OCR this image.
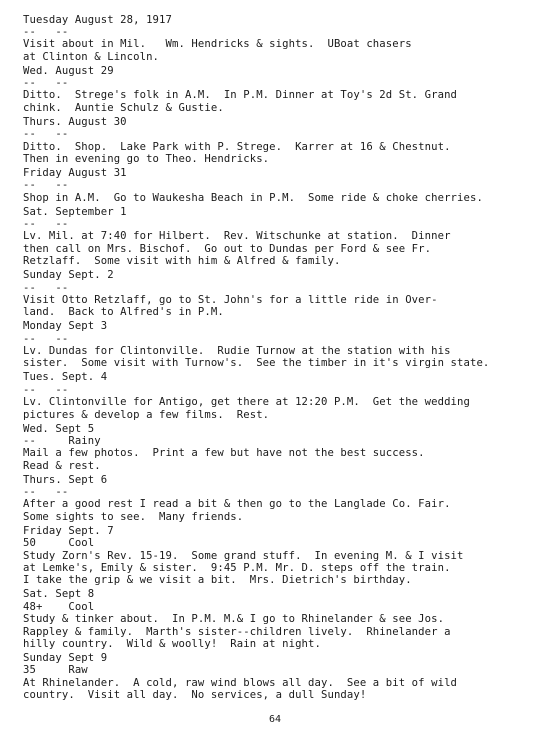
Tuesday August 28, 1917
--   --
Visit about in Mil.   Wm. Hendricks & sights.  UBoat chasers
at Clinton & Lincoln.
Wed. August 29
--   --
Ditto.  Strege's folk in A.M.  In P.M. Dinner at Toy's 2d St. Grand
chink.  Auntie Schulz & Gustie.
Thurs. August 30
--   --
Ditto.  Shop.  Lake Park with P. Strege.  Karrer at 16 & Chestnut.
Then in evening go to Theo. Hendricks.
Friday August 31
--   --
Shop in A.M.  Go to Waukesha Beach in P.M.  Some ride & choke cherries.
Sat. September 1
--   --
Lv. Mil. at 7:40 for Hilbert.  Rev. Witschunke at station.  Dinner
then call on Mrs. Bischof.  Go out to Dundas per Ford & see Fr.
Retzlaff.  Some visit with him & Alfred & family.
Sunday Sept. 2
--   --
Visit Otto Retzlaff, go to St. John's for a little ride in Over-
land.  Back to Alfred's in P.M.
Monday Sept 3
--   --
Lv. Dundas for Clintonville.  Rudie Turnow at the station with his
sister.  Some visit with Turnow's.  See the timber in it's virgin state.
Tues. Sept. 4
--   --
Lv. Clintonville for Antigo, get there at 12:20 P.M.  Get the wedding
pictures & develop a few films.  Rest.
Wed. Sept 5
--     Rainy
Mail a few photos.  Print a few but have not the best success.
Read & rest.
Thurs. Sept 6
--   --
After a good rest I read a bit & then go to the Langlade Co. Fair.
Some sights to see.  Many friends.
Friday Sept. 7
50     Cool
Study Zorn's Rev. 15-19.  Some grand stuff.  In evening M. & I visit
at Lemke's, Emily & sister.  9:45 P.M. Mr. D. steps off the train.
I take the grip & we visit a bit.  Mrs. Dietrich's birthday.
Sat. Sept 8
48+    Cool
Study & tinker about.  In P.M. M.& I go to Rhinelander & see Jos.
Rappley & family.  Marth's sister--children lively.  Rhinelander a
hilly country.  Wild & woolly!  Rain at night.
Sunday Sept 9
35     Raw
At Rhinelander.  A cold, raw wind blows all day.  See a bit of wild
country.  Visit all day.  No services, a dull Sunday!
64
